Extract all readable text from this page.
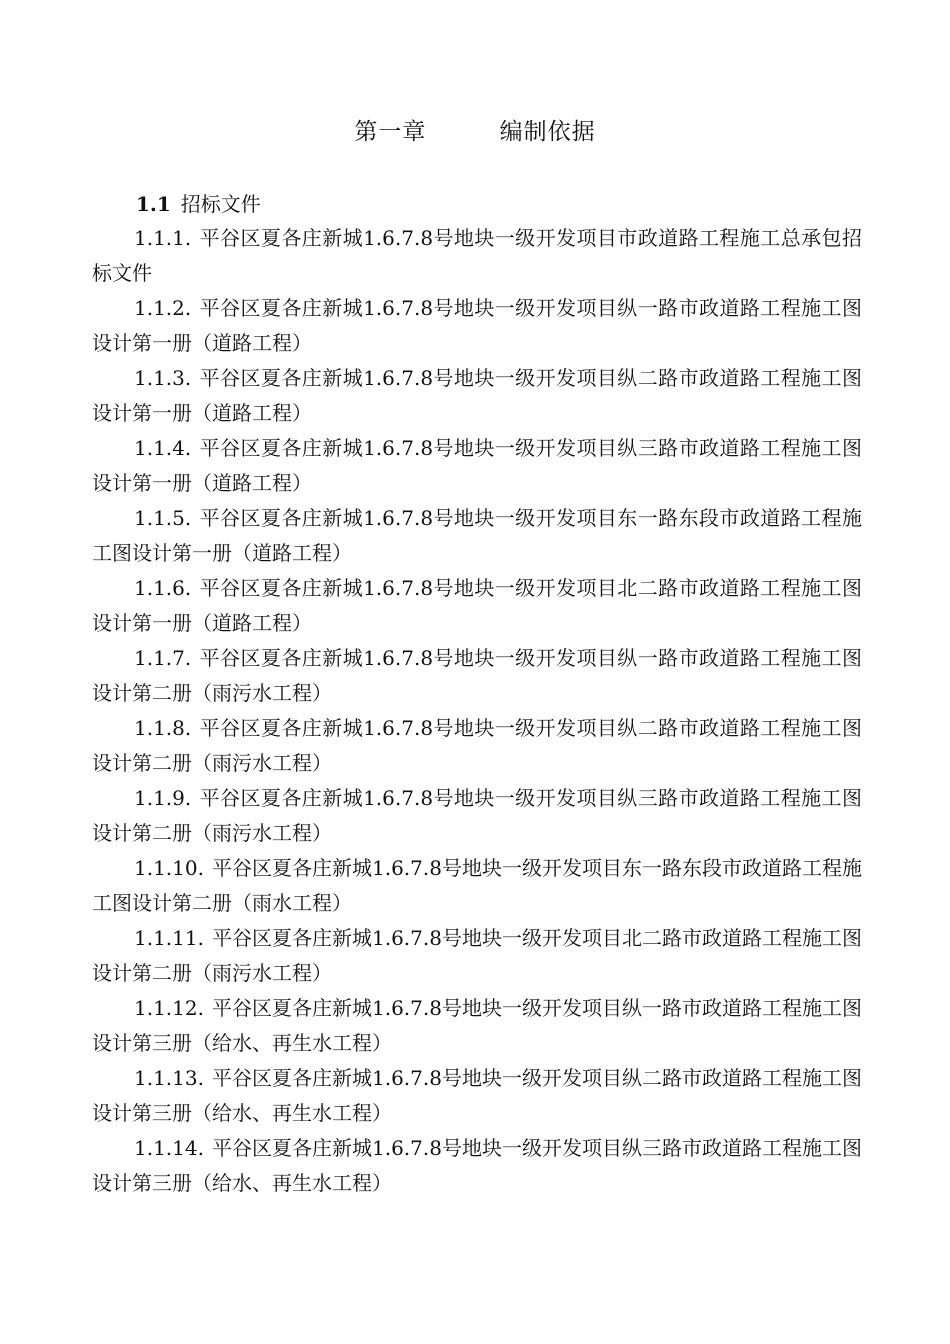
第一章    编制依据
1.1 招标文件
1.1.1. 平谷区夏各庄新城1.6.7.8号地块一级开发项目市政道路工程施工总承包招标文件
1.1.2. 平谷区夏各庄新城1.6.7.8号地块一级开发项目纵一路市政道路工程施工图设计第一册（道路工程）
1.1.3. 平谷区夏各庄新城1.6.7.8号地块一级开发项目纵二路市政道路工程施工图设计第一册（道路工程）
1.1.4. 平谷区夏各庄新城1.6.7.8号地块一级开发项目纵三路市政道路工程施工图设计第一册（道路工程）
1.1.5. 平谷区夏各庄新城1.6.7.8号地块一级开发项目东一路东段市政道路工程施工图设计第一册（道路工程）
1.1.6. 平谷区夏各庄新城1.6.7.8号地块一级开发项目北二路市政道路工程施工图设计第一册（道路工程）
1.1.7. 平谷区夏各庄新城1.6.7.8号地块一级开发项目纵一路市政道路工程施工图设计第二册（雨污水工程）
1.1.8. 平谷区夏各庄新城1.6.7.8号地块一级开发项目纵二路市政道路工程施工图设计第二册（雨污水工程）
1.1.9. 平谷区夏各庄新城1.6.7.8号地块一级开发项目纵三路市政道路工程施工图设计第二册（雨污水工程）
1.1.10. 平谷区夏各庄新城1.6.7.8号地块一级开发项目东一路东段市政道路工程施工图设计第二册（雨水工程）
1.1.11. 平谷区夏各庄新城1.6.7.8号地块一级开发项目北二路市政道路工程施工图设计第二册（雨污水工程）
1.1.12. 平谷区夏各庄新城1.6.7.8号地块一级开发项目纵一路市政道路工程施工图设计第三册（给水、再生水工程）
1.1.13. 平谷区夏各庄新城1.6.7.8号地块一级开发项目纵二路市政道路工程施工图设计第三册（给水、再生水工程）
1.1.14. 平谷区夏各庄新城1.6.7.8号地块一级开发项目纵三路市政道路工程施工图设计第三册（给水、再生水工程）
